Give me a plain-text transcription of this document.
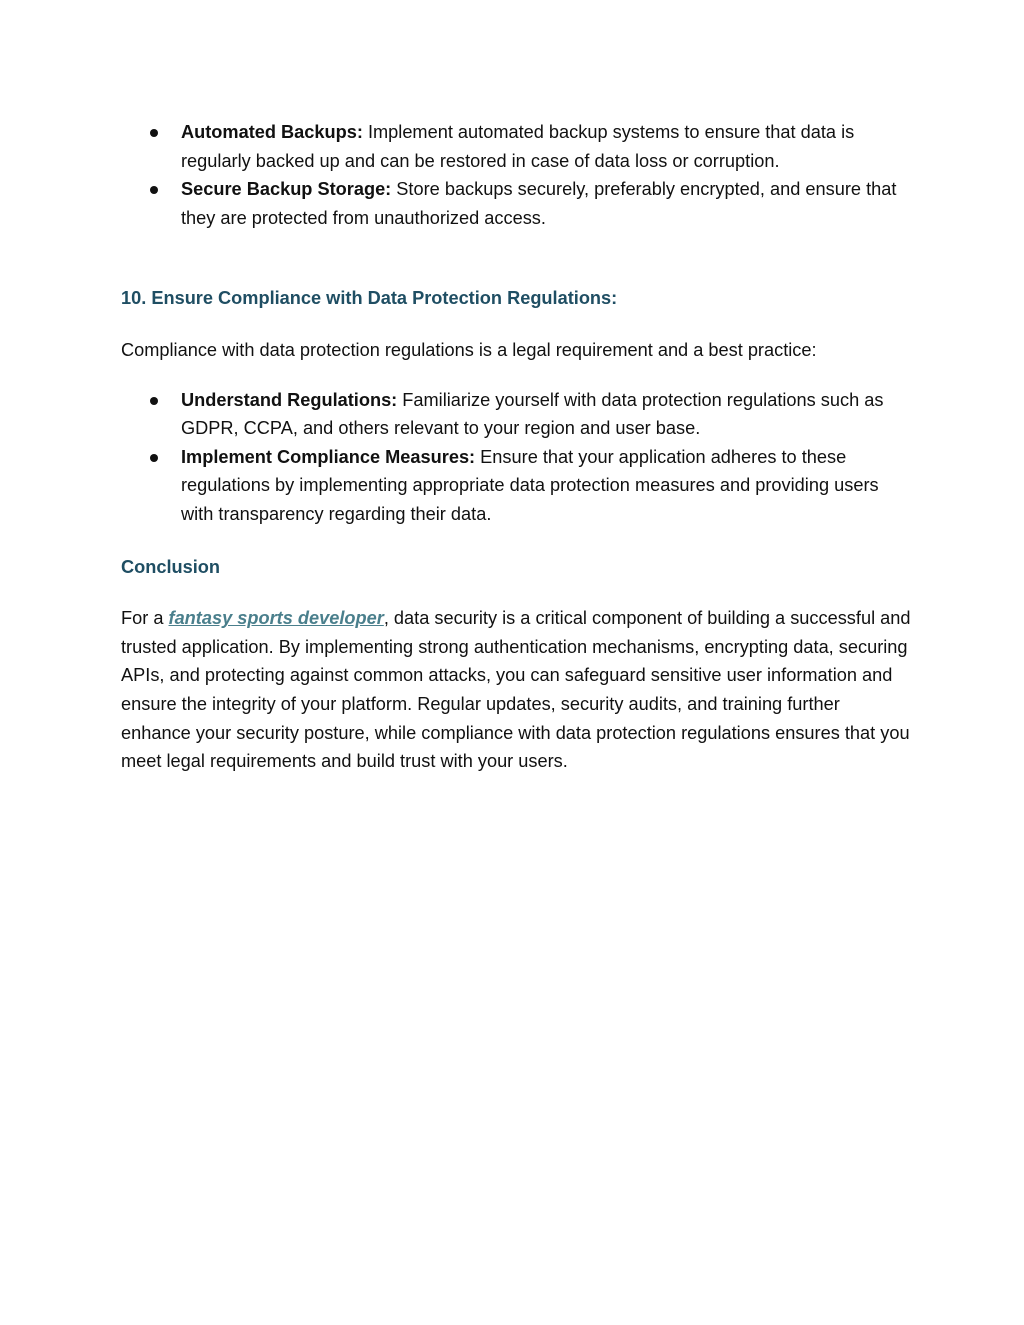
Automated Backups: Implement automated backup systems to ensure that data is regularly backed up and can be restored in case of data loss or corruption.
Secure Backup Storage: Store backups securely, preferably encrypted, and ensure that they are protected from unauthorized access.
10. Ensure Compliance with Data Protection Regulations:

Compliance with data protection regulations is a legal requirement and a best practice:

Understand Regulations: Familiarize yourself with data protection regulations such as GDPR, CCPA, and others relevant to your region and user base.
Implement Compliance Measures: Ensure that your application adheres to these regulations by implementing appropriate data protection measures and providing users with transparency regarding their data.
Conclusion

For a fantasy sports developer, data security is a critical component of building a successful and trusted application. By implementing strong authentication mechanisms, encrypting data, securing APIs, and protecting against common attacks, you can safeguard sensitive user information and ensure the integrity of your platform. Regular updates, security audits, and training further enhance your security posture, while compliance with data protection regulations ensures that you meet legal requirements and build trust with your users.
